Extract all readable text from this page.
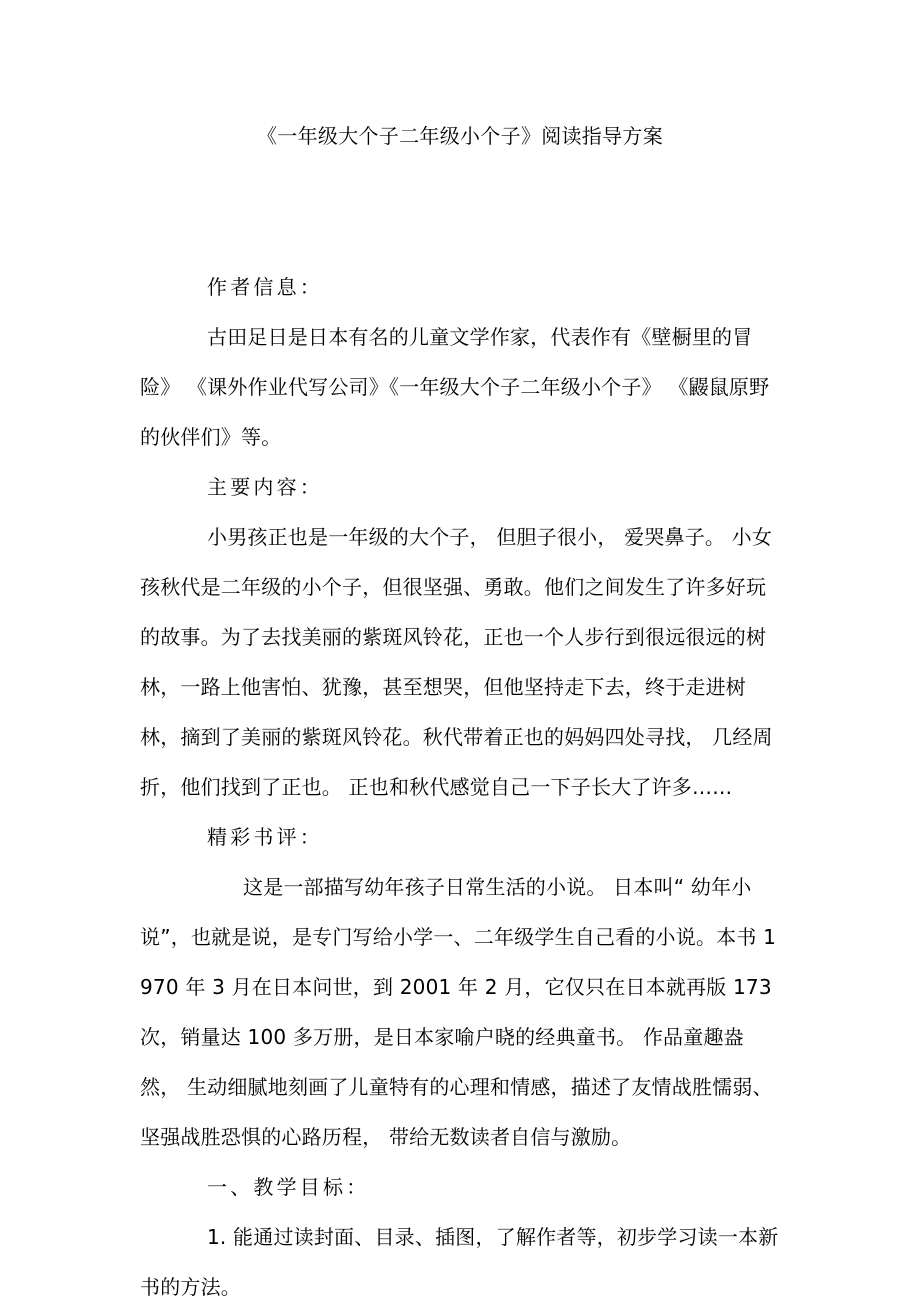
《一年级大个子二年级小个子》阅读指导方案

作者信息：

古田足日是日本有名的儿童文学作家，代表作有《壁橱里的冒险》 《课外作业代写公司》《一年级大个子二年级小个子》 《鼹鼠原野的伙伴们》等。

主要内容：

小男孩正也是一年级的大个子， 但胆子很小， 爱哭鼻子。 小女孩秋代是二年级的小个子，但很坚强、勇敢。他们之间发生了许多好玩的故事。为了去找美丽的紫斑风铃花，正也一个人步行到很远很远的树林，一路上他害怕、犹豫，甚至想哭，但他坚持走下去，终于走进树林，摘到了美丽的紫斑风铃花。秋代带着正也的妈妈四处寻找， 几经周折，他们找到了正也。 正也和秋代感觉自己一下子长大了许多……

精彩书评：

这是一部描写幼年孩子日常生活的小说。 日本叫“ 幼年小说”，也就是说，是专门写给小学一、二年级学生自己看的小说。本书 1970 年 3 月在日本问世，到 2001 年 2 月，它仅只在日本就再版 173 次，销量达 100 多万册，是日本家喻户晓的经典童书。 作品童趣盎然， 生动细腻地刻画了儿童特有的心理和情感，描述了友情战胜懦弱、 坚强战胜恐惧的心路历程， 带给无数读者自信与激励。

一、教学目标：

1. 能通过读封面、目录、插图，了解作者等，初步学习读一本新书的方法。
